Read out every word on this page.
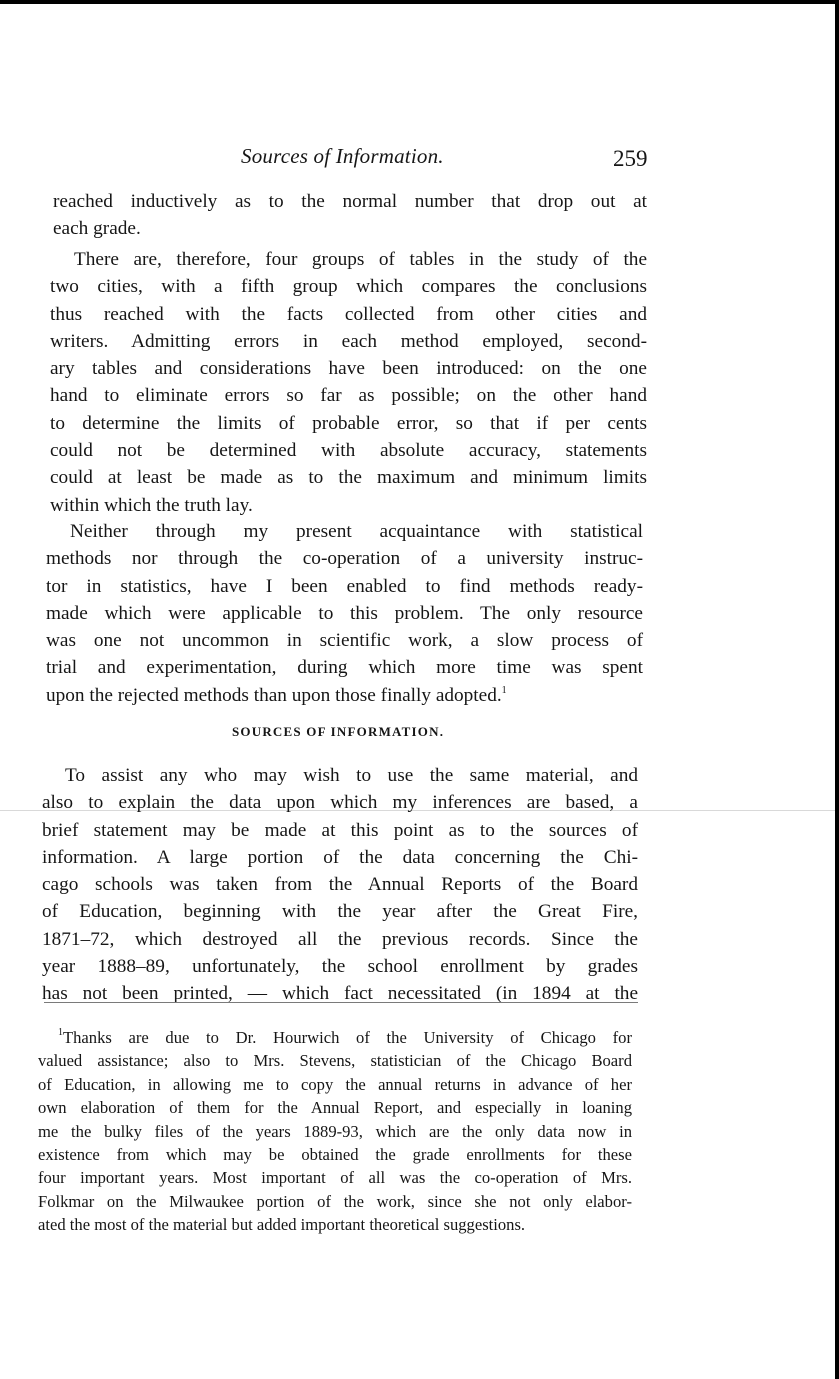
Sources of Information.	259
reached inductively as to the normal number that drop out at
each grade.
There are, therefore, four groups of tables in the study of the
two cities, with a fifth group which compares the conclusions
thus reached with the facts collected from other cities and
writers. Admitting errors in each method employed, second-
ary tables and considerations have been introduced: on the one
hand to eliminate errors so far as possible; on the other hand
to determine the limits of probable error, so that if per cents
could not be determined with absolute accuracy, statements
could at least be made as to the maximum and minimum limits
within which the truth lay.
Neither through my present acquaintance with statistical
methods nor through the co-operation of a university instruc-
tor in statistics, have I been enabled to find methods ready-
made which were applicable to this problem. The only resource
was one not uncommon in scientific work, a slow process of
trial and experimentation, during which more time was spent
upon the rejected methods than upon those finally adopted.$^1$
SOURCES OF INFORMATION.
To assist any who may wish to use the same material, and
also to explain the data upon which my inferences are based, a
brief statement may be made at this point as to the sources of
information. A large portion of the data concerning the Chi-
cago schools was taken from the Annual Reports of the Board
of Education, beginning with the year after the Great Fire,
1871–72, which destroyed all the previous records. Since the
year 1888–89, unfortunately, the school enrollment by grades
has not been printed, — which fact necessitated (in 1894 at the
$^1$Thanks are due to Dr. Hourwich of the University of Chicago for
valued assistance; also to Mrs. Stevens, statistician of the Chicago Board
of Education, in allowing me to copy the annual returns in advance of her
own elaboration of them for the Annual Report, and especially in loaning
me the bulky files of the years 1889-93, which are the only data now in
existence from which may be obtained the grade enrollments for these
four important years. Most important of all was the co-operation of Mrs.
Folkmar on the Milwaukee portion of the work, since she not only elabor-
ated the most of the material but added important theoretical suggestions.
